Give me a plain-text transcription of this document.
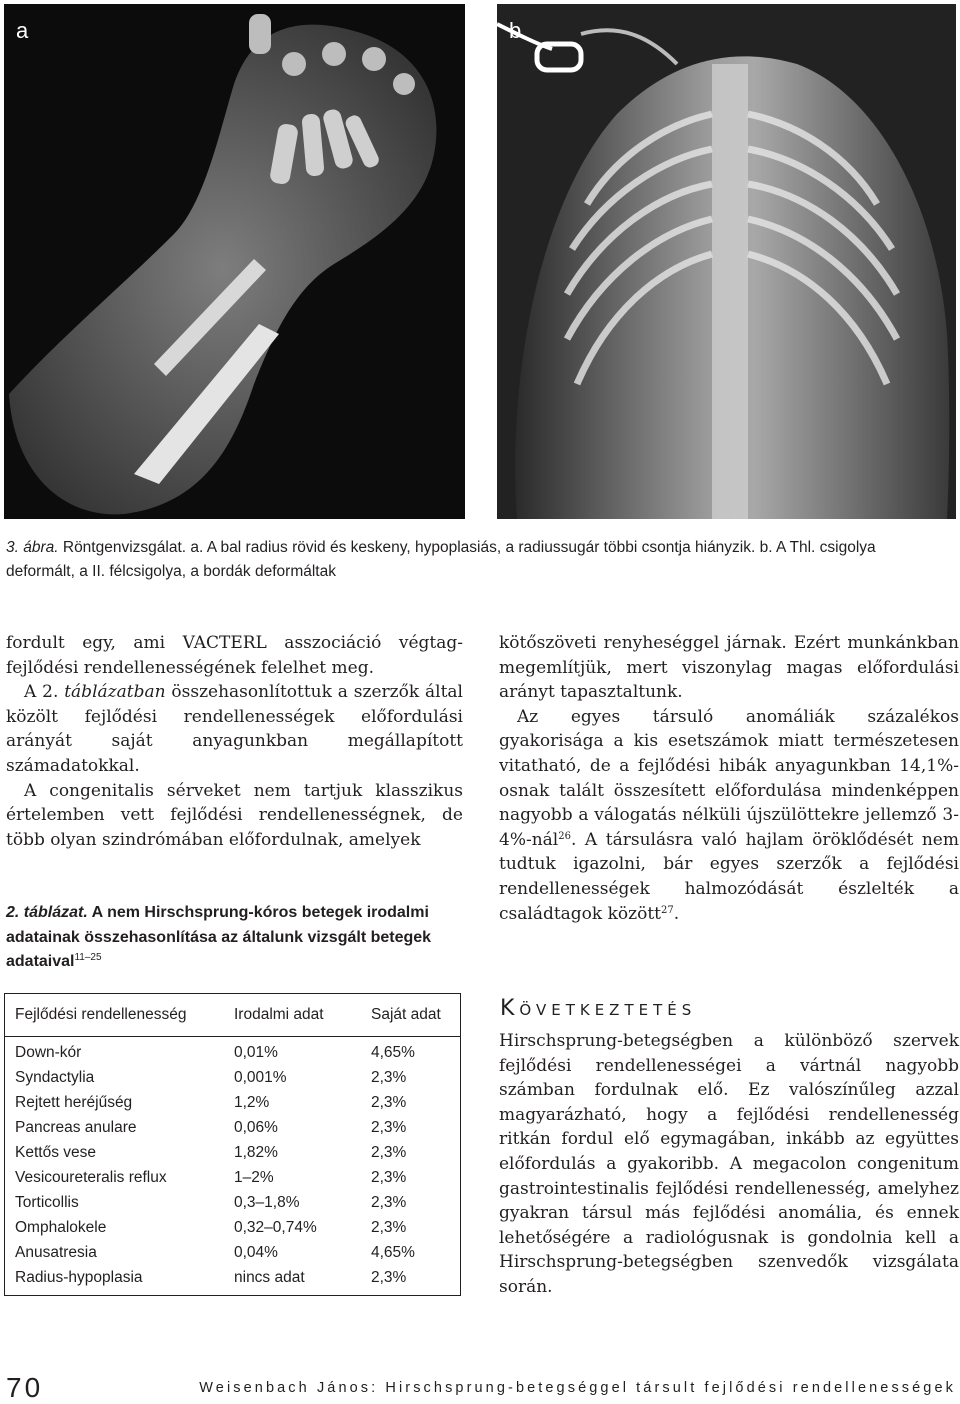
a	b
3. ábra. Röntgenvizsgálat. a. A bal radius rövid és keskeny, hypoplasiás, a radiussugár többi csontja hiányzik. b. A Thl. csigolya deformált, a II. félcsigolya, a bordák deformáltak

fordult egy, ami VACTERL asszociáció végtag-fejlődési rendellenességének felelhet meg.

A 2. táblázatban összehasonlítottuk a szerzők által közölt fejlődési rendellenességek előfordulási arányát saját anyagunkban megállapított számadatokkal.

A congenitalis sérveket nem tartjuk klasszikus értelemben vett fejlődési rendellenességnek, de több olyan szindrómában előfordulnak, amelyek

2. táblázat. A nem Hirschsprung-kóros betegek irodalmi adatainak összehasonlítása az általunk vizsgált betegek adataival$^{11-25}$
Fejlődési rendellenesség	Irodalmi adat	Saját adat
Down-kór	0,01%	4,65%
Syndactylia	0,001%	2,3%
Rejtett heréjűség	1,2%	2,3%
Pancreas anulare	0,06%	2,3%
Kettős vese	1,82%	2,3%
Vesicoureteralis reflux	1–2%	2,3%
Torticollis	0,3–1,8%	2,3%
Omphalokele	0,32–0,74%	2,3%
Anusatresia	0,04%	4,65%
Radius-hypoplasia	nincs adat	2,3%

kötőszöveti renyheséggel járnak. Ezért munkánkban megemlítjük, mert viszonylag magas előfordulási arányt tapasztaltunk.

Az egyes társuló anomáliák százalékos gyakorisága a kis esetszámok miatt természetesen vitatható, de a fejlődési hibák anyagunkban 14,1%-osnak talált összesített előfordulása mindenképpen nagyobb a válogatás nélküli újszülöttekre jellemző 3-4%-nál$^{26}$. A társulásra való hajlam öröklődését nem tudtuk igazolni, bár egyes szerzők a fejlődési rendellenességek halmozódását észlelték a családtagok között$^{27}$.

Következtetés

Hirschsprung-betegségben a különböző szervek fejlődési rendellenességei a vártnál nagyobb számban fordulnak elő. Ez valószínűleg azzal magyarázható, hogy a fejlődési rendellenesség ritkán fordul elő egymagában, inkább az együttes előfordulás a gyakoribb. A megacolon congenitum gastrointestinalis fejlődési rendellenesség, amelyhez gyakran társul más fejlődési anomália, és ennek lehetőségére a radiológusnak is gondolnia kell a Hirschsprung-betegségben szenvedők vizsgálata során.

70	Weisenbach János: Hirschsprung-betegséggel társult fejlődési rendellenességek
